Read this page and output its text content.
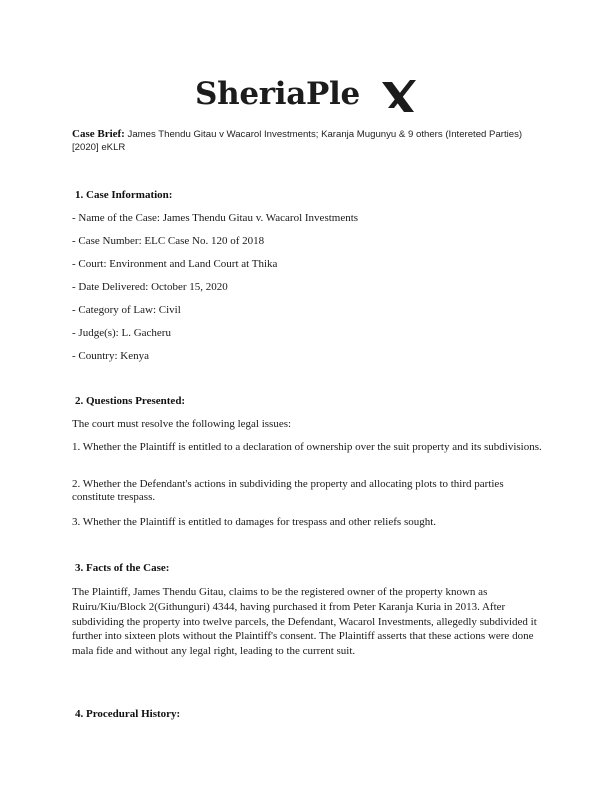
SheriaPle
Case Brief: James Thendu Gitau v Wacarol Investments; Karanja Mugunyu & 9 others (Intereted Parties) [2020] eKLR
1. Case Information:
- Name of the Case: James Thendu Gitau v. Wacarol Investments
- Case Number: ELC Case No. 120 of 2018
- Court: Environment and Land Court at Thika
- Date Delivered: October 15, 2020
- Category of Law: Civil
- Judge(s): L. Gacheru
- Country: Kenya
2. Questions Presented:
The court must resolve the following legal issues:
1. Whether the Plaintiff is entitled to a declaration of ownership over the suit property and its subdivisions.
2. Whether the Defendant's actions in subdividing the property and allocating plots to third parties constitute trespass.
3. Whether the Plaintiff is entitled to damages for trespass and other reliefs sought.
3. Facts of the Case:
The Plaintiff, James Thendu Gitau, claims to be the registered owner of the property known as Ruiru/Kiu/Block 2(Githunguri) 4344, having purchased it from Peter Karanja Kuria in 2013. After subdividing the property into twelve parcels, the Defendant, Wacarol Investments, allegedly subdivided it further into sixteen plots without the Plaintiff's consent. The Plaintiff asserts that these actions were done mala fide and without any legal right, leading to the current suit.
4. Procedural History:
